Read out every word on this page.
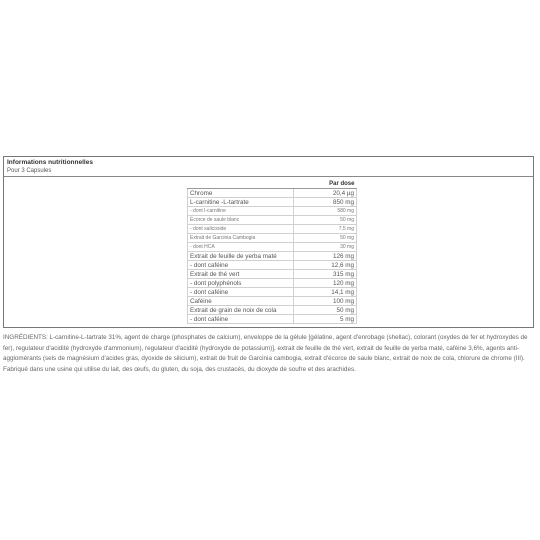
Informations nutritionnelles
Pour 3 Capsules
	Par dose
Chrome	20,4 µg
L-carnitine -L-tartrate	850 mg
- dont l-carnitine	580 mg
Écorce de saule blanc	50 mg
- dont salicoside	7,5 mg
Extrait de Garcinia Cambogia	50 mg
- dont HCA	30 mg
Extrait de feuille de yerba maté	126 mg
- dont caféine	12,6 mg
Extrait de thé vert	315 mg
- dont polyphénols	120 mg
- dont caféine	14,1 mg
Caféine	100 mg
Extrait de grain de noix de cola	50 mg
- dont caféine	5 mg

INGRÉDIENTS: L-carnitine-L-tartrate 31%, agent de charge (phosphates de calcium), enveloppe de la gélule [gélatine, agent d'enrobage (shellac), colorant (oxydes de fer et hydroxydes de fer), regulateur d'acidité (hydroxyde d'ammonium), regulateur d'acidité (hydroxyde de potassium)], extrait de feuille de thé vert, extrait de feuille de yerba maté, caféine 3,6%, agents anti-agglomérants (sels de magnésium d'acides gras, dyoxide de silicium), extrait de fruit de Garcinia cambogia, extrait d'écorce de saule blanc, extrait de noix de cola, chlorure de chrome (III). Fabriqué dans une usine qui utilise du lait, des œufs, du gluten, du soja, des crustacés, du dioxyde de soufre et des arachides.
